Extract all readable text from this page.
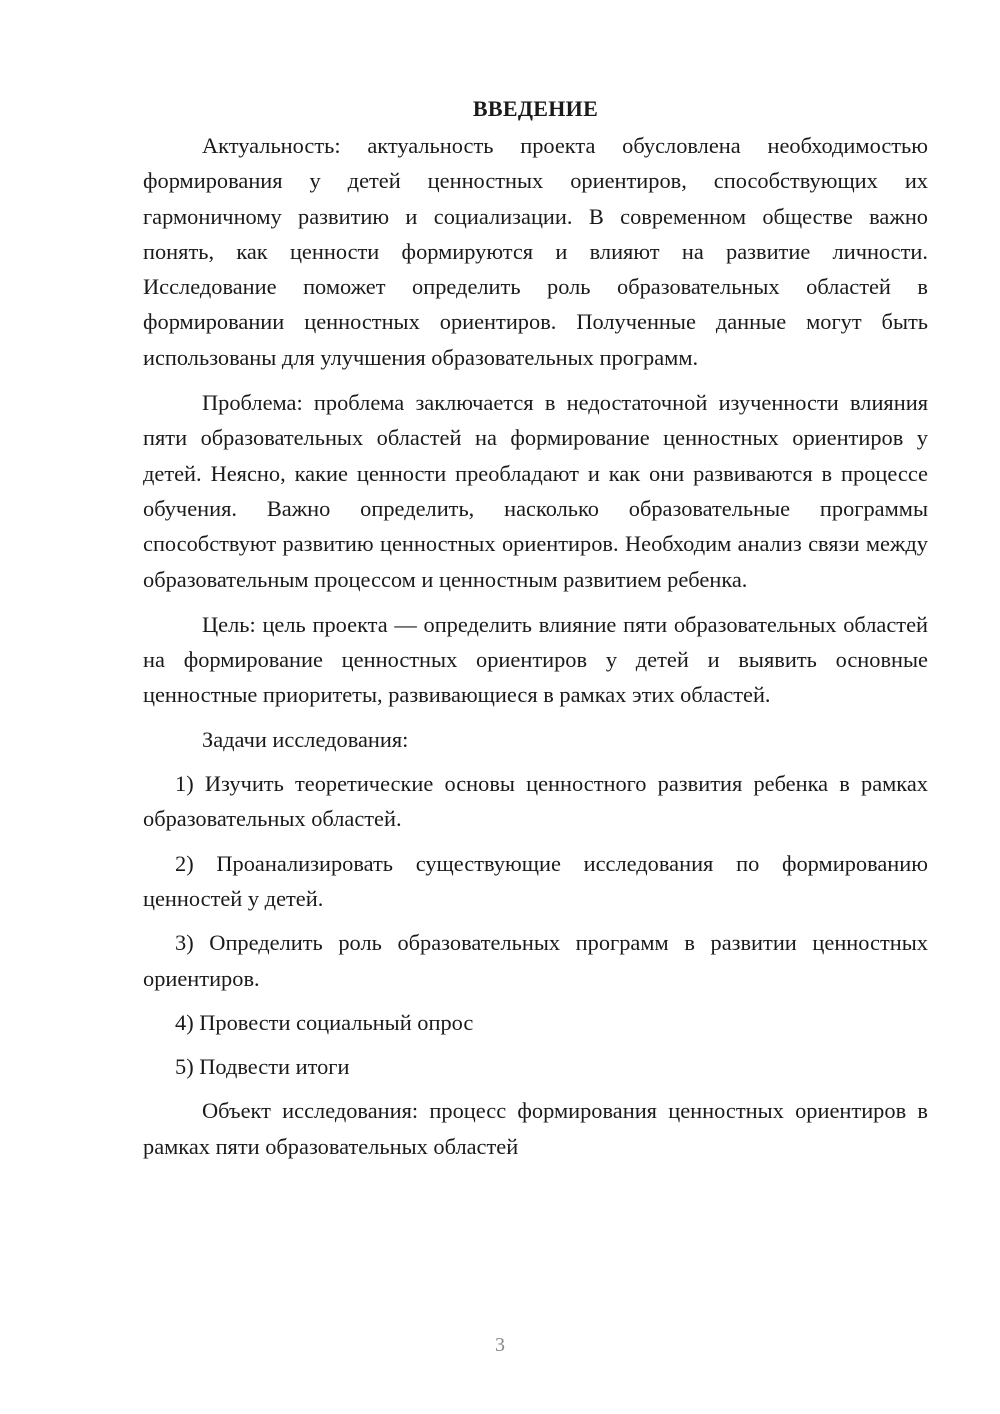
ВВЕДЕНИЕ

Актуальность: актуальность проекта обусловлена необходимостью формирования у детей ценностных ориентиров, способствующих их гармоничному развитию и социализации. В современном обществе важно понять, как ценности формируются и влияют на развитие личности. Исследование поможет определить роль образовательных областей в формировании ценностных ориентиров. Полученные данные могут быть использованы для улучшения образовательных программ.

Проблема: проблема заключается в недостаточной изученности влияния пяти образовательных областей на формирование ценностных ориентиров у детей. Неясно, какие ценности преобладают и как они развиваются в процессе обучения. Важно определить, насколько образовательные программы способствуют развитию ценностных ориентиров. Необходим анализ связи между образовательным процессом и ценностным развитием ребенка.

Цель: цель проекта — определить влияние пяти образовательных областей на формирование ценностных ориентиров у детей и выявить основные ценностные приоритеты, развивающиеся в рамках этих областей.

Задачи исследования:

1) Изучить теоретические основы ценностного развития ребенка в рамках образовательных областей.

2) Проанализировать существующие исследования по формированию ценностей у детей.

3) Определить роль образовательных программ в развитии ценностных ориентиров.

4) Провести социальный опрос

5) Подвести итоги

Объект исследования: процесс формирования ценностных ориентиров в рамках пяти образовательных областей

3
